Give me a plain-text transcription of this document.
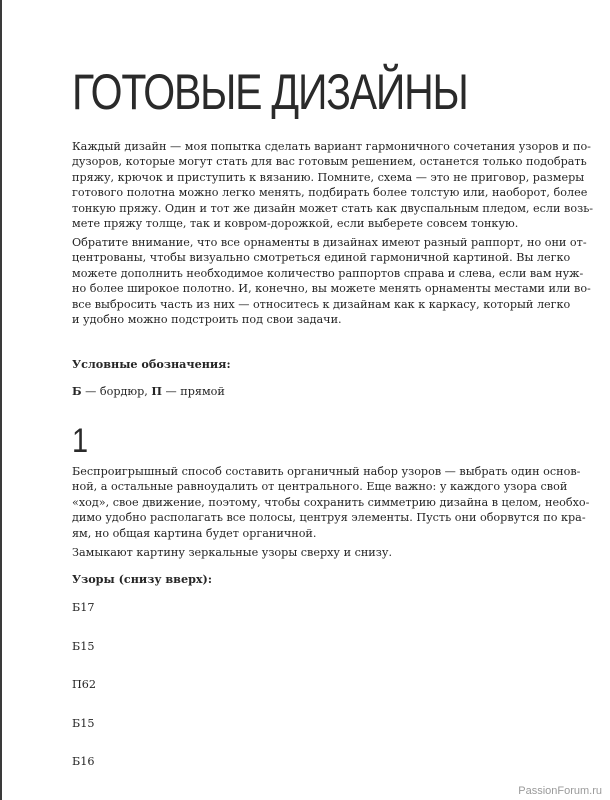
ГОТОВЫЕ ДИЗАЙНЫ
Каждый дизайн — моя попытка сделать вариант гармоничного сочетания узоров и по-
дузоров, которые могут стать для вас готовым решением, останется только подобрать
пряжу, крючок и приступить к вязанию. Помните, схема — это не приговор, размеры
готового полотна можно легко менять, подбирать более толстую или, наоборот, более
тонкую пряжу. Один и тот же дизайн может стать как двуспальным пледом, если возь-
мете пряжу толще, так и ковром-дорожкой, если выберете совсем тонкую.
Обратите внимание, что все орнаменты в дизайнах имеют разный раппорт, но они от-
центрованы, чтобы визуально смотреться единой гармоничной картиной. Вы легко
можете дополнить необходимое количество раппортов справа и слева, если вам нуж-
но более широкое полотно. И, конечно, вы можете менять орнаменты местами или во-
все выбросить часть из них — относитесь к дизайнам как к каркасу, который легко
и удобно можно подстроить под свои задачи.

Условные обозначения:

Б — бордюр, П — прямой

1
Беспроигрышный способ составить органичный набор узоров — выбрать один основ-
ной, а остальные равноудалить от центрального. Еще важно: у каждого узора свой
«ход», свое движение, поэтому, чтобы сохранить симметрию дизайна в целом, необхо-
димо удобно располагать все полосы, центруя элементы. Пусть они оборвутся по кра-
ям, но общая картина будет органичной.

Замыкают картину зеркальные узоры сверху и снизу.

Узоры (снизу вверх):

Б17
Б15
П62
Б15
Б16
PassionForum.ru
